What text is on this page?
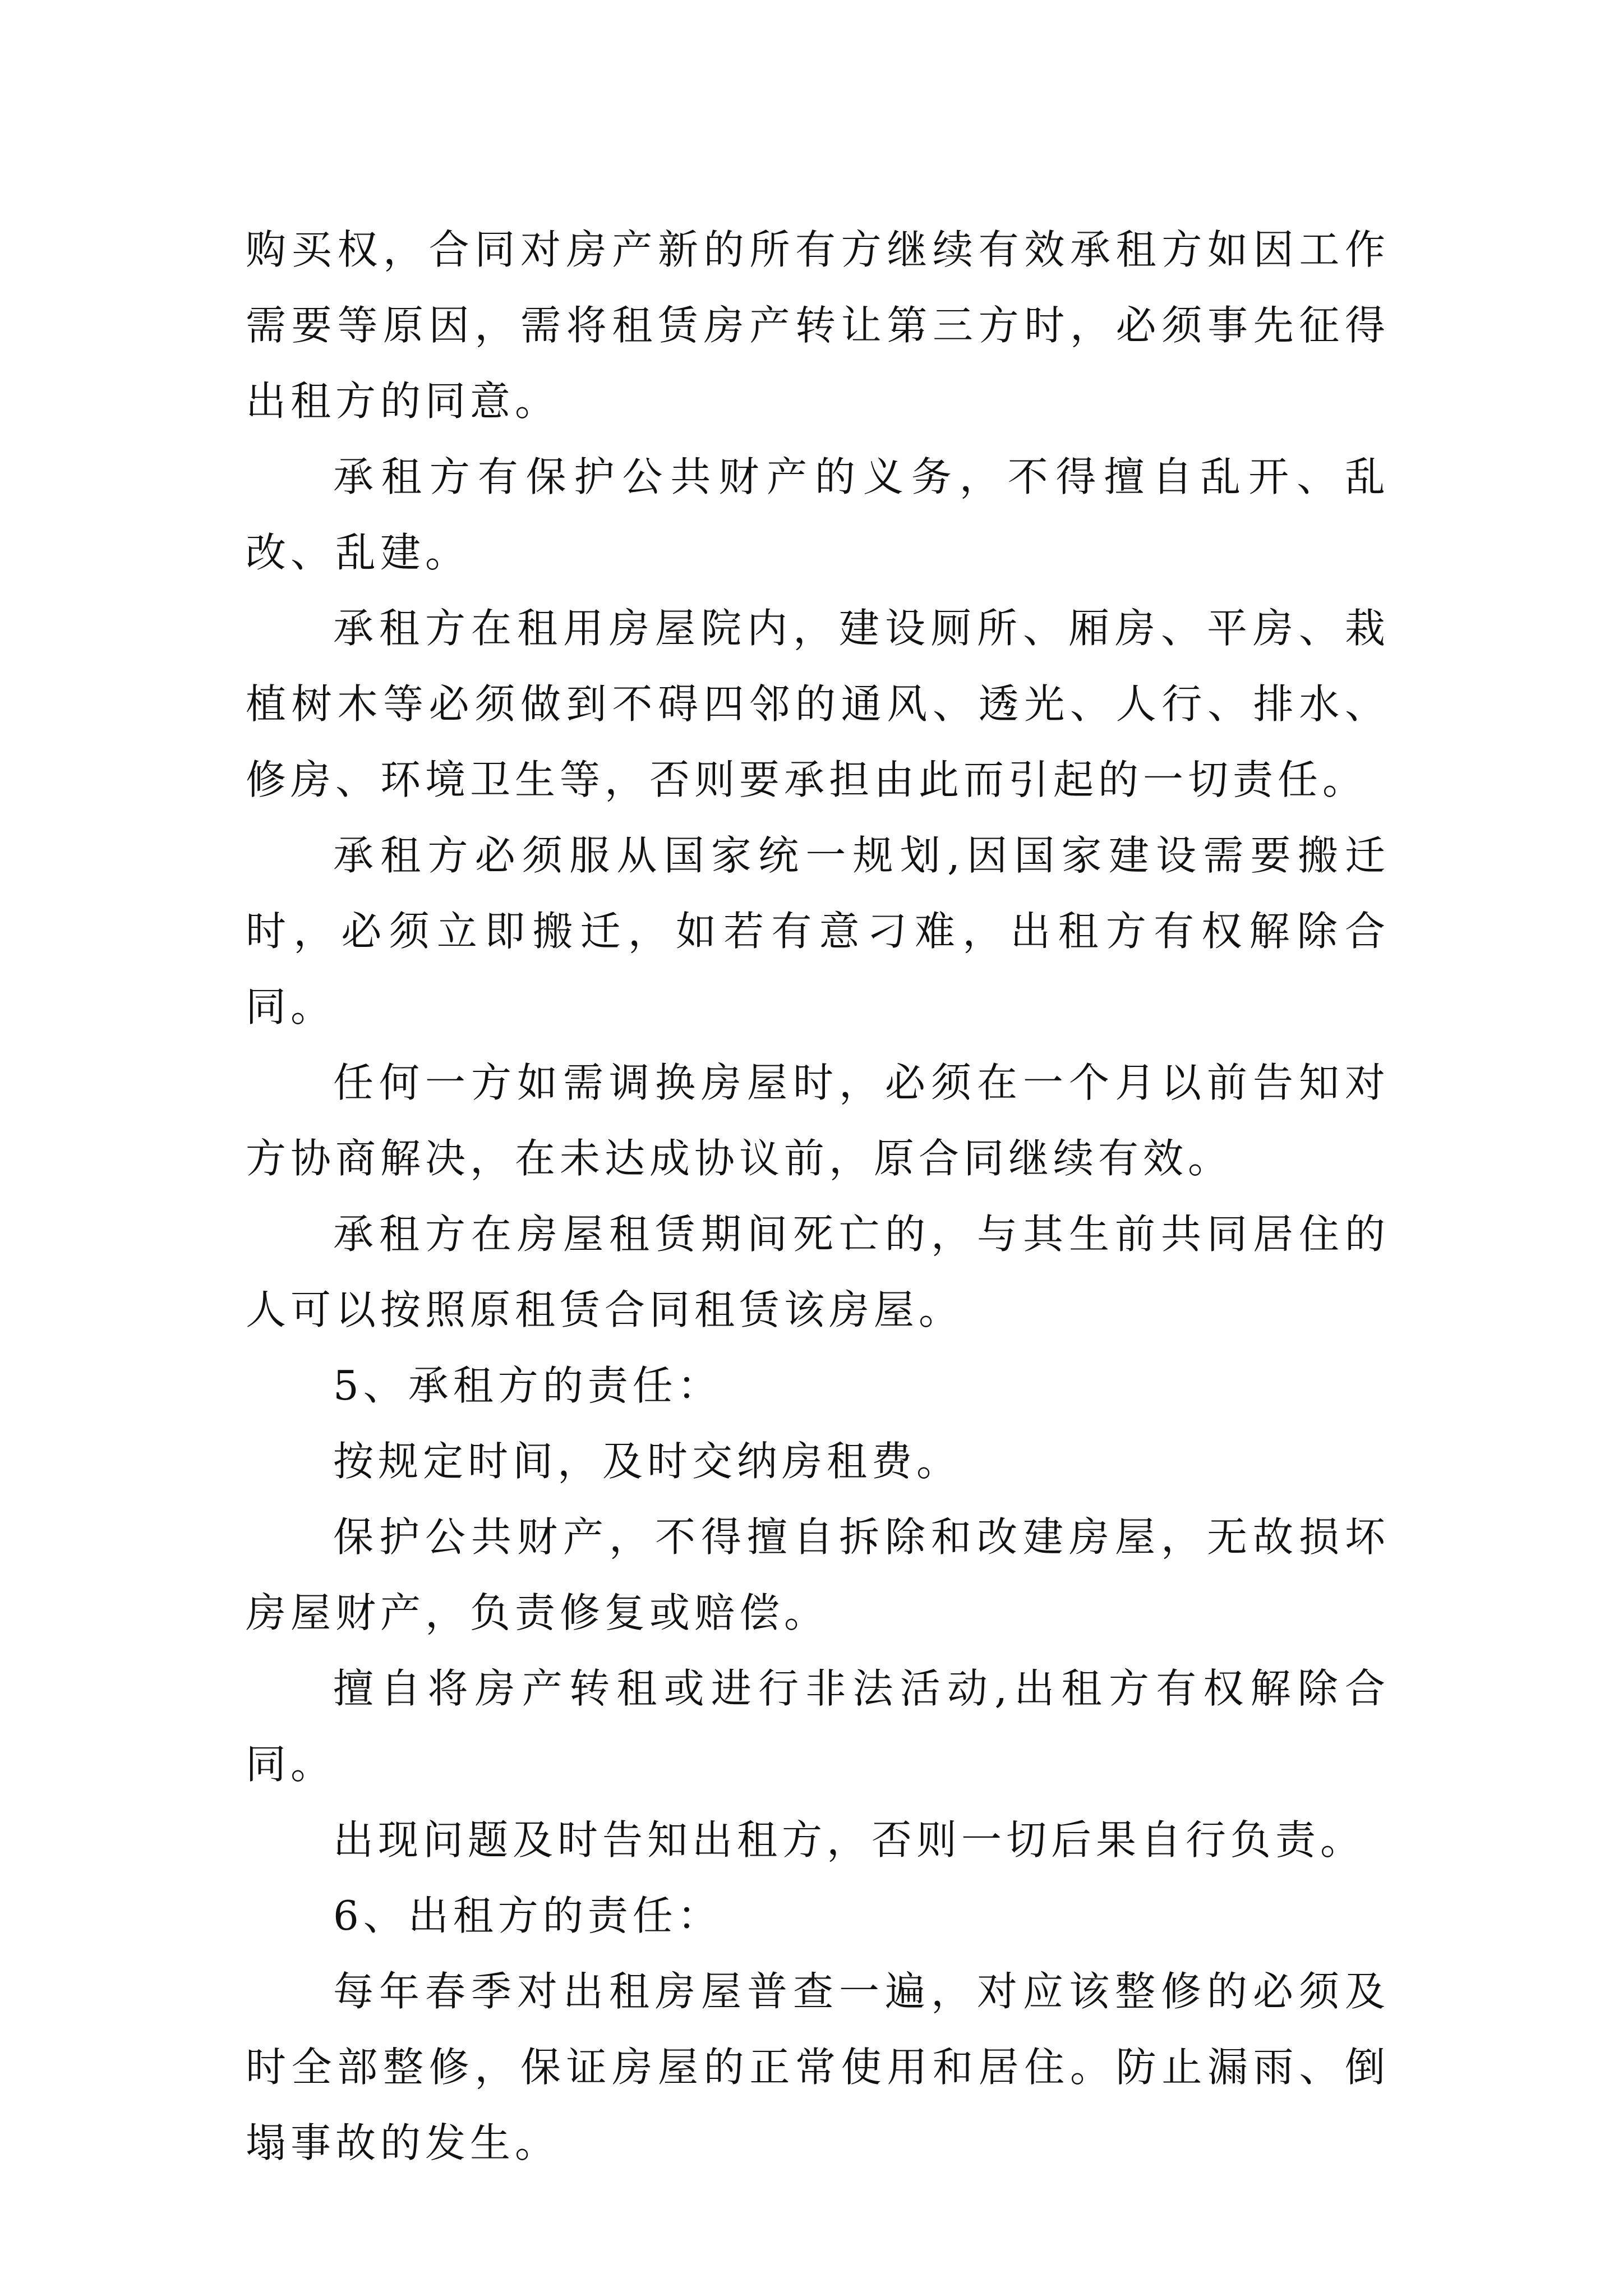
购买权，合同对房产新的所有方继续有效承租方如因工作需要等原因，需将租赁房产转让第三方时，必须事先征得出租方的同意。

承租方有保护公共财产的义务，不得擅自乱开、乱改、乱建。

承租方在租用房屋院内，建设厕所、厢房、平房、栽植树木等必须做到不碍四邻的通风、透光、人行、排水、修房、环境卫生等，否则要承担由此而引起的一切责任。

承租方必须服从国家统一规划,因国家建设需要搬迁时，必须立即搬迁，如若有意刁难，出租方有权解除合同。

任何一方如需调换房屋时，必须在一个月以前告知对方协商解决，在未达成协议前，原合同继续有效。

承租方在房屋租赁期间死亡的，与其生前共同居住的人可以按照原租赁合同租赁该房屋。

5、承租方的责任：

按规定时间，及时交纳房租费。

保护公共财产，不得擅自拆除和改建房屋，无故损坏房屋财产，负责修复或赔偿。

擅自将房产转租或进行非法活动,出租方有权解除合同。

出现问题及时告知出租方，否则一切后果自行负责。

6、出租方的责任：

每年春季对出租房屋普查一遍，对应该整修的必须及时全部整修，保证房屋的正常使用和居住。防止漏雨、倒塌事故的发生。
